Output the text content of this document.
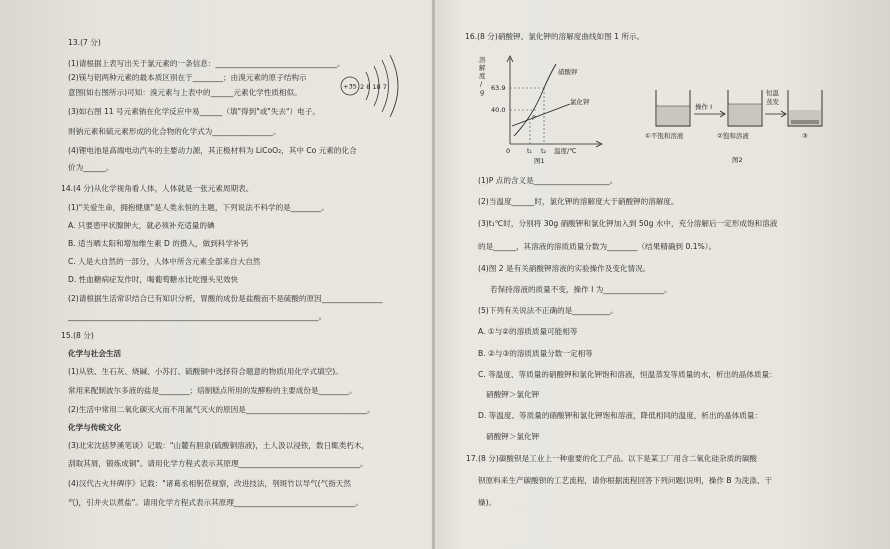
13.(7 分)
(1)请根据上表写出关于氯元素的一条信息：________________________________。
(2)镁与铝两种元素的最本质区别在于________；由溴元素的原子结构示
意图(如右图所示)可知：溴元素与上表中的______元素化学性质相似。
(3)如右图 11 号元素钠在化学反应中易______（填"得到"或"失去"）电子。
则钠元素和硫元素形成的化合物的化学式为________________。
(4)锂电池是高端电动汽车的主要动力源，其正极材料为 LiCoO₂，其中 Co 元素的化合
价为______。
+35 2 8 18 7
14.(4 分)从化学视角看人体，人体就是一张元素周期表。
(1)"关爱生命，拥抱健康"是人类永恒的主题，下列说法不科学的是________。
A. 只要患甲状腺肿大，就必须补充适量的碘
B. 适当晒太阳和增加维生素 D 的摄入，做到科学补钙
C. 人是大自然的一部分，人体中所含元素全部来自大自然
D. 性血糖病症发作时，喝葡萄糖水比吃馒头见效快
(2)请根据生活常识结合已有知识分析，胃酸的成份是盐酸而不是硫酸的原因________________
__________________________________________________________________。
15.(8 分)
化学与社会生活
(1)从铁、生石灰、烧碱、小苏打、硫酸铜中选择符合题意的物质(用化学式填空)。
常用来配制波尔多液的盐是________；焙制糕点所用的发酵粉的主要成份是________。
(2)生活中常用二氧化碳灭火而不用氮气灭火的原因是________________________________。
化学与传统文化
(3)北宋沈括梦溪笔谈》记载："山麓有胆泉(硫酸铜溶液)，土人汲以浸铁，数日辄类朽木，
刮取其屑，锻炼成铜"。请用化学方程式表示其原理________________________________。
(4)汉代古火井碑序》记载："诸葛丞相躬莅视察，改进技法，刳斑竹以导气(气指天然
气)，引井火以煮盐"。请用化学方程式表示其原理________________________________。
16.(8 分)硝酸钾、氯化钾的溶解度曲线如图 1 所示。
溶
解
度
/
g 63.9
40.0
0	t₁ t₂ 温度/℃
硝酸钾
氯化钾
P
图1
操作 I
恒温
蒸发
①不饱和溶液	②饱和溶液	③
图2
(1)P 点的含义是____________________。
(2)当温度______时，氯化钾的溶解度大于硝酸钾的溶解度。
(3)t₁℃时，分别将 30g 硝酸钾和氯化钾加入到 50g 水中，充分溶解后一定形成饱和溶液
的是______，其溶液的溶质质量分数为________（结果精确到 0.1%）。
(4)图 2 是有关硝酸钾溶液的实验操作及变化情况。
若保持溶液的质量不变，操作 I 为________________。
(5)下列有关说法不正确的是__________。
A. ①与②的溶质质量可能相等
B. ②与③的溶质质量分数一定相等
C. 等温度、等质量的硝酸钾和氯化钾饱和溶液，恒温蒸发等质量的水，析出的晶体质量：
硝酸钾＞氯化钾
D. 等温度、等质量的硝酸钾和氯化钾饱和溶液，降低相同的温度，析出的晶体质量：
硝酸钾＞氯化钾
17.(8 分)碳酸钡是工业上一种重要的化工产品。以下是某工厂用含二氧化硅杂质的碳酸
钡原料来生产碳酸钡的工艺流程，请你根据流程回答下列问题(说明，操作 B 为洗涤、干
燥)。
